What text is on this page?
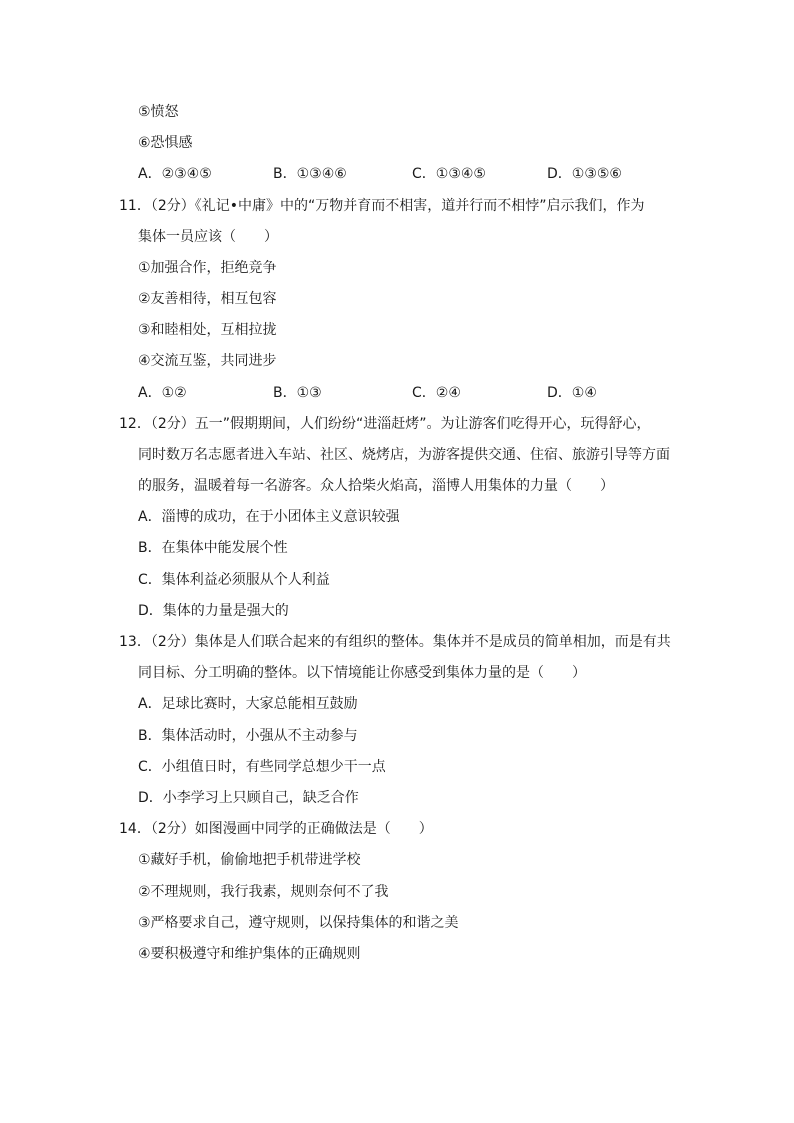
⑤愤怒
⑥恐惧感
A．②③④⑤	B．①③④⑥	C．①③④⑤	D．①③⑤⑥
11．（2分）《礼记•中庸》中的“万物并育而不相害，道并行而不相悖”启示我们，作为
集体一员应该（　　）
①加强合作，拒绝竞争
②友善相待，相互包容
③和睦相处，互相拉拢
④交流互鉴，共同进步
A．①②	B．①③	C．②④	D．①④
12．（2分）五一”假期期间，人们纷纷“进淄赶烤”。为让游客们吃得开心，玩得舒心，
同时数万名志愿者进入车站、社区、烧烤店，为游客提供交通、住宿、旅游引导等方面
的服务，温暖着每一名游客。众人拾柴火焰高，淄博人用集体的力量（　　）
A．淄博的成功，在于小团体主义意识较强
B．在集体中能发展个性
C．集体利益必须服从个人利益
D．集体的力量是强大的
13．（2分）集体是人们联合起来的有组织的整体。集体并不是成员的简单相加，而是有共
同目标、分工明确的整体。以下情境能让你感受到集体力量的是（　　）
A．足球比赛时，大家总能相互鼓励
B．集体活动时，小强从不主动参与
C．小组值日时，有些同学总想少干一点
D．小李学习上只顾自己，缺乏合作
14．（2分）如图漫画中同学的正确做法是（　　）
①藏好手机，偷偷地把手机带进学校
②不理规则，我行我素，规则奈何不了我
③严格要求自己，遵守规则，以保持集体的和谐之美
④要积极遵守和维护集体的正确规则
